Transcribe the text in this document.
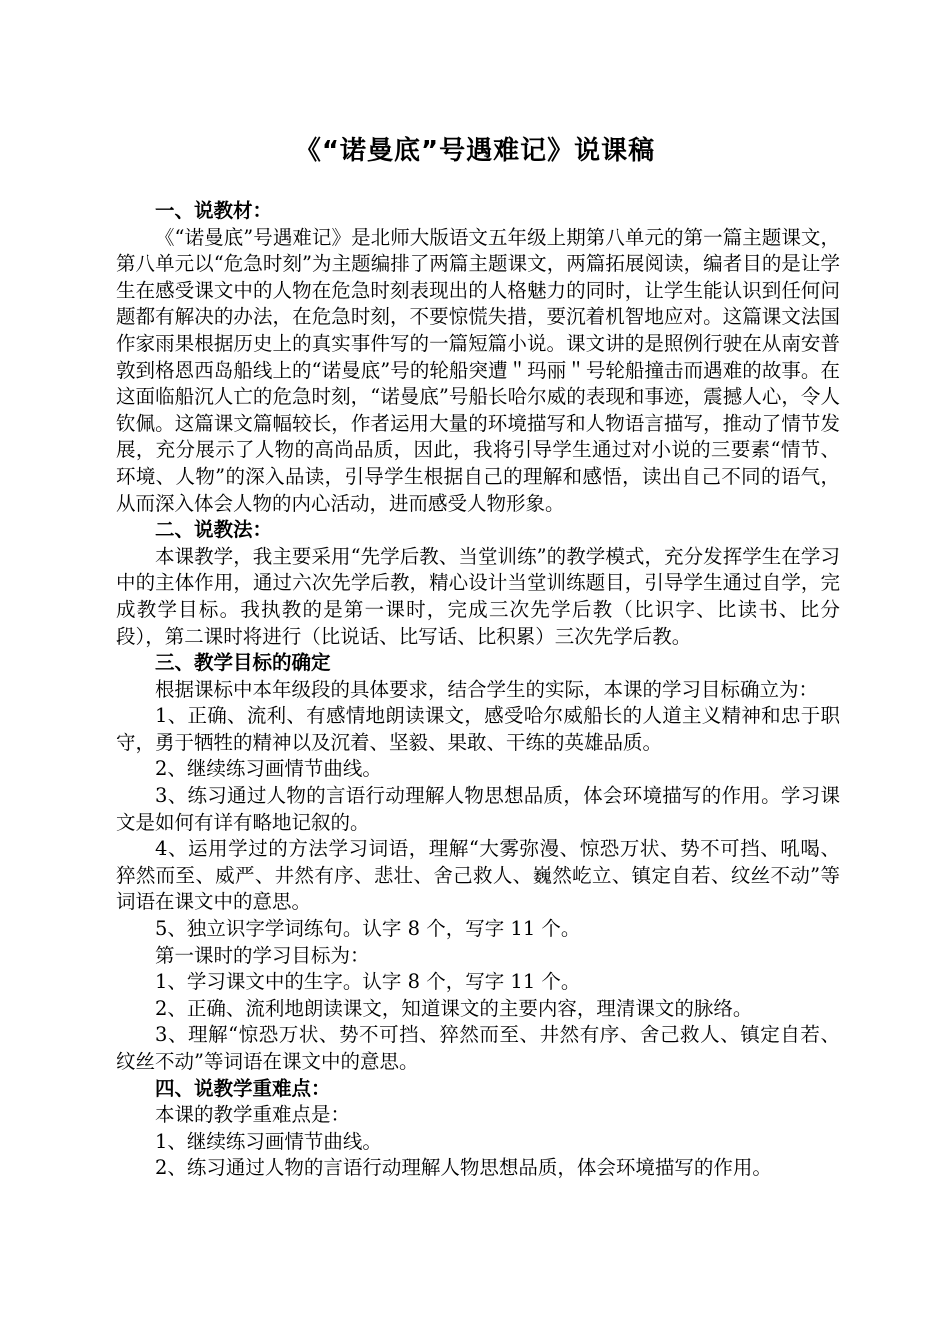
《“诺曼底”号遇难记》说课稿

一、说教材：

《“诺曼底”号遇难记》是北师大版语文五年级上期第八单元的第一篇主题课文，第八单元以“危急时刻”为主题编排了两篇主题课文，两篇拓展阅读，编者目的是让学生在感受课文中的人物在危急时刻表现出的人格魅力的同时，让学生能认识到任何问题都有解决的办法，在危急时刻，不要惊慌失措，要沉着机智地应对。这篇课文法国作家雨果根据历史上的真实事件写的一篇短篇小说。课文讲的是照例行驶在从南安普敦到格恩西岛船线上的“诺曼底”号的轮船突遭＂玛丽＂号轮船撞击而遇难的故事。在这面临船沉人亡的危急时刻，“诺曼底”号船长哈尔威的表现和事迹，震撼人心，令人钦佩。这篇课文篇幅较长，作者运用大量的环境描写和人物语言描写，推动了情节发展，充分展示了人物的高尚品质，因此，我将引导学生通过对小说的三要素“情节、环境、人物”的深入品读，引导学生根据自己的理解和感悟，读出自己不同的语气，从而深入体会人物的内心活动，进而感受人物形象。

二、说教法：

本课教学，我主要采用“先学后教、当堂训练”的教学模式，充分发挥学生在学习中的主体作用，通过六次先学后教，精心设计当堂训练题目，引导学生通过自学，完成教学目标。我执教的是第一课时，完成三次先学后教（比识字、比读书、比分段），第二课时将进行（比说话、比写话、比积累）三次先学后教。

三、教学目标的确定

根据课标中本年级段的具体要求，结合学生的实际，本课的学习目标确立为：

1、正确、流利、有感情地朗读课文，感受哈尔威船长的人道主义精神和忠于职守，勇于牺牲的精神以及沉着、坚毅、果敢、干练的英雄品质。

2、继续练习画情节曲线。

3、练习通过人物的言语行动理解人物思想品质，体会环境描写的作用。学习课文是如何有详有略地记叙的。

4、运用学过的方法学习词语，理解“大雾弥漫、惊恐万状、势不可挡、吼喝、猝然而至、威严、井然有序、悲壮、舍己救人、巍然屹立、镇定自若、纹丝不动”等词语在课文中的意思。

5、独立识字学词练句。认字 8 个，写字 11 个。

第一课时的学习目标为：

1、学习课文中的生字。认字 8 个，写字 11 个。

2、正确、流利地朗读课文，知道课文的主要内容，理清课文的脉络。

3、理解“惊恐万状、势不可挡、猝然而至、井然有序、舍己救人、镇定自若、纹丝不动”等词语在课文中的意思。

四、说教学重难点：

本课的教学重难点是：

1、继续练习画情节曲线。

2、练习通过人物的言语行动理解人物思想品质，体会环境描写的作用。
